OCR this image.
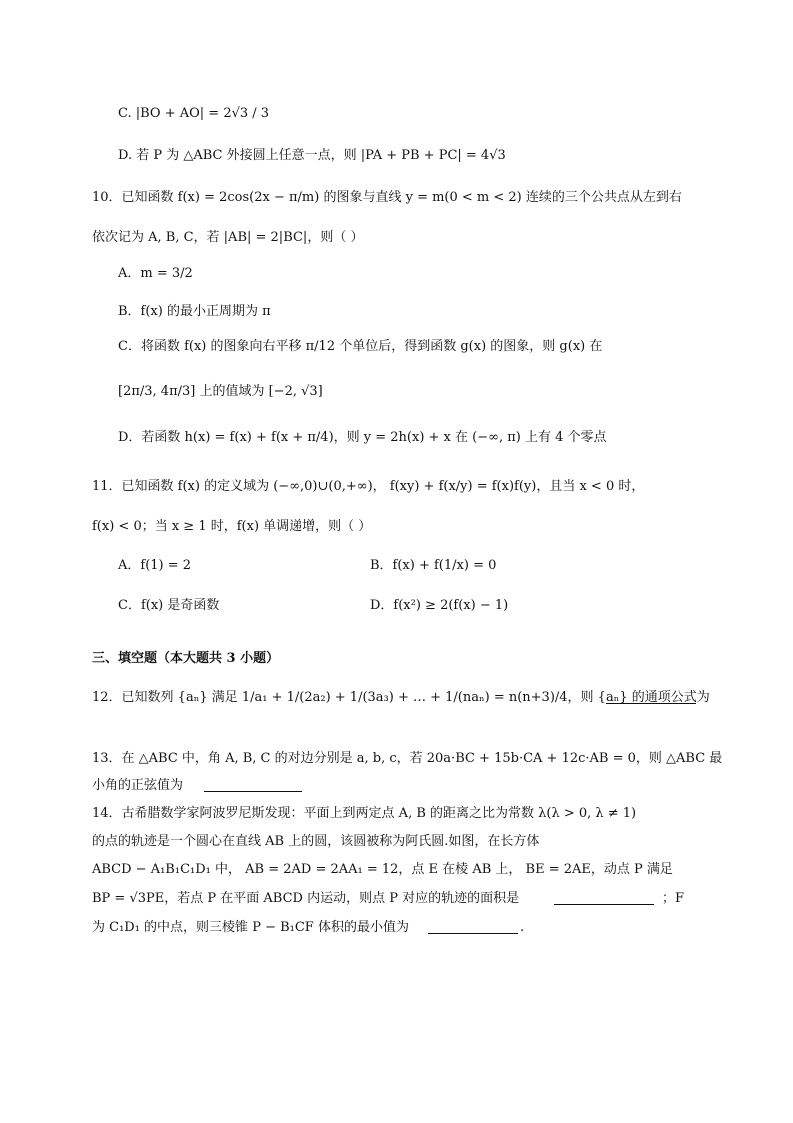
C. |BO + AO| = 2√3 / 3
D. 若 P 为 △ABC 外接圆上任意一点，则 |PA + PB + PC| = 4√3
10．已知函数 f(x) = 2cos(2x − π/m) 的图象与直线 y = m(0 < m < 2) 连续的三个公共点从左到右
依次记为 A, B, C，若 |AB| = 2|BC|，则（ ）
A．m = 3/2
B．f(x) 的最小正周期为 π
C．将函数 f(x) 的图象向右平移 π/12 个单位后，得到函数 g(x) 的图象，则 g(x) 在
[2π/3, 4π/3] 上的值域为 [−2, √3]
D．若函数 h(x) = f(x) + f(x + π/4)，则 y = 2h(x) + x 在 (−∞, π) 上有 4 个零点
11．已知函数 f(x) 的定义域为 (−∞,0)∪(0,+∞)， f(xy) + f(x/y) = f(x)f(y)，且当 x < 0 时，
f(x) < 0；当 x ≥ 1 时，f(x) 单调递增，则（ ）
A．f(1) = 2	B．f(x) + f(1/x) = 0
C．f(x) 是奇函数	D．f(x²) ≥ 2(f(x) − 1)
三、填空题（本大题共 3 小题）
12．已知数列 {aₙ} 满足 1/a₁ + 1/(2a₂) + 1/(3a₃) + … + 1/(naₙ) = n(n+3)/4，则 {aₙ} 的通项公式为
13．在 △ABC 中，角 A, B, C 的对边分别是 a, b, c，若 20a·BC + 15b·CA + 12c·AB = 0，则 △ABC 最
小角的正弦值为
14．古希腊数学家阿波罗尼斯发现：平面上到两定点 A, B 的距离之比为常数 λ(λ > 0, λ ≠ 1)
的点的轨迹是一个圆心在直线 AB 上的圆，该圆被称为阿氏圆.如图，在长方体
ABCD − A₁B₁C₁D₁ 中， AB = 2AD = 2AA₁ = 12，点 E 在棱 AB 上， BE = 2AE，动点 P 满足
BP = √3PE，若点 P 在平面 ABCD 内运动，则点 P 对应的轨迹的面积是	；F
为 C₁D₁ 的中点，则三棱锥 P − B₁CF 体积的最小值为	.
